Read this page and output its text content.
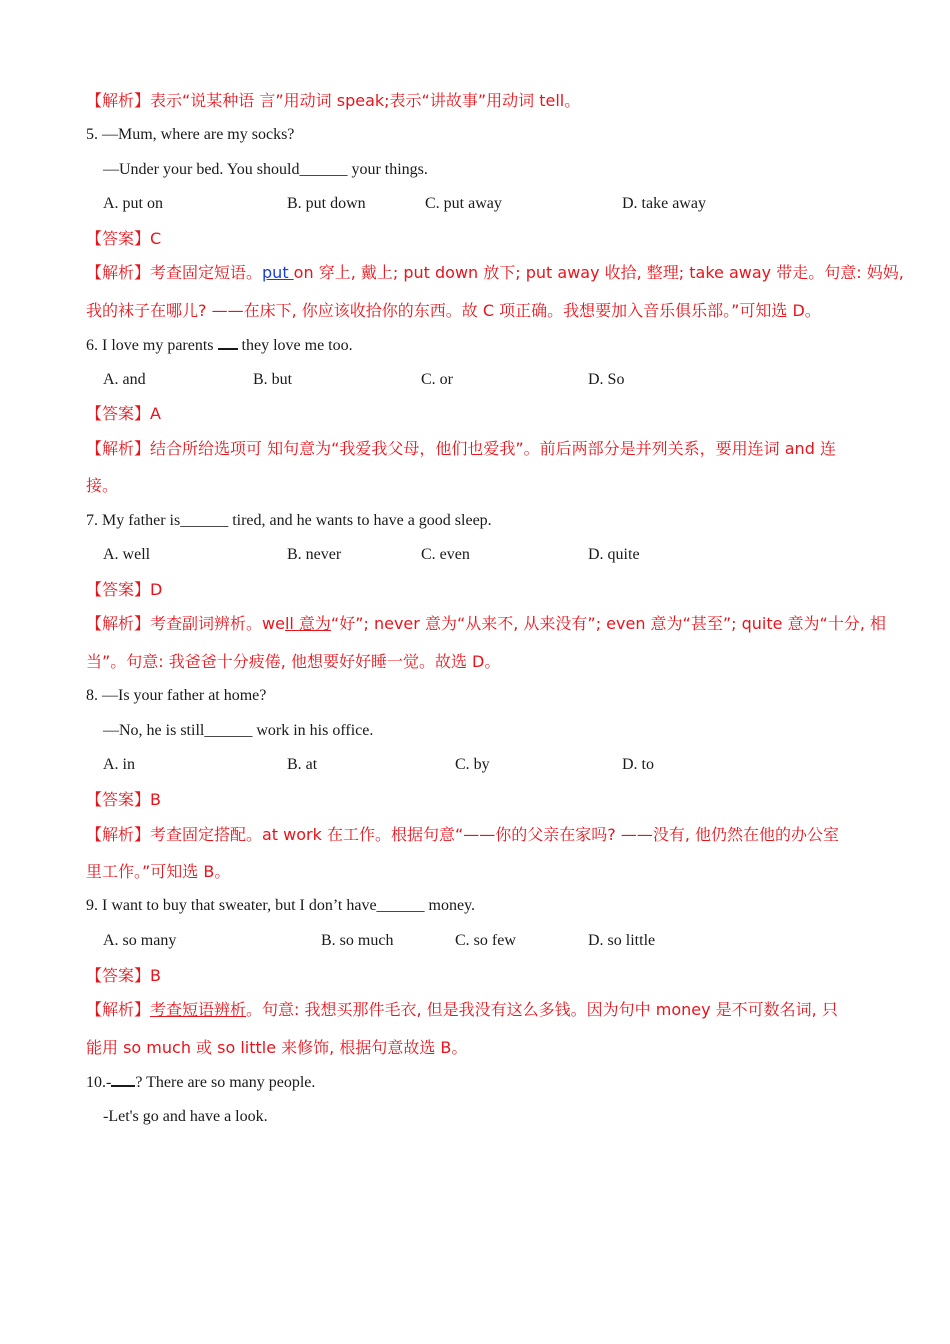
【解析】表示“说某种语 言”用动词 speak;表示“讲故事”用动词 tell。
5. —Mum, where are my socks?
—Under your bed. You should______ your things.
A. put on	B. put down	C. put away	D. take away
【答案】C
【解析】考查固定短语。put on 穿上, 戴上; put down 放下; put away 收拾, 整理; take away 带走。句意: 妈妈,
我的袜子在哪儿? ——在床下, 你应该收拾你的东西。故 C 项正确。我想要加入音乐俱乐部。”可知选 D。
6. I love my parents  they love me too.
A. and	B. but	C. or	D. So
【答案】A
【解析】结合所给选项可 知句意为“我爱我父母，他们也爱我”。前后两部分是并列关系，要用连词 and 连
接。
7. My father is______ tired, and he wants to have a good sleep.
A. well	B. never	C. even	D. quite
【答案】D
【解析】考查副词辨析。well 意为“好”; never 意为“从来不, 从来没有”; even 意为“甚至”; quite 意为“十分, 相
当”。句意: 我爸爸十分疲倦, 他想要好好睡一觉。故选 D。
8. —Is your father at home?
—No, he is still______ work in his office.
A. in	B. at	C. by	D. to
【答案】B
【解析】考查固定搭配。at work 在工作。根据句意“——你的父亲在家吗? ——没有, 他仍然在他的办公室
里工作。”可知选 B。
9. I want to buy that sweater, but I don’t have______ money.
A. so many	B. so much	C. so few	D. so little
【答案】B
【解析】考查短语辨析。句意: 我想买那件毛衣, 但是我没有这么多钱。因为句中 money 是不可数名词, 只
能用 so much 或 so little 来修饰, 根据句意故选 B。
10.- ? There are so many people.
-Let's go and have a look.
